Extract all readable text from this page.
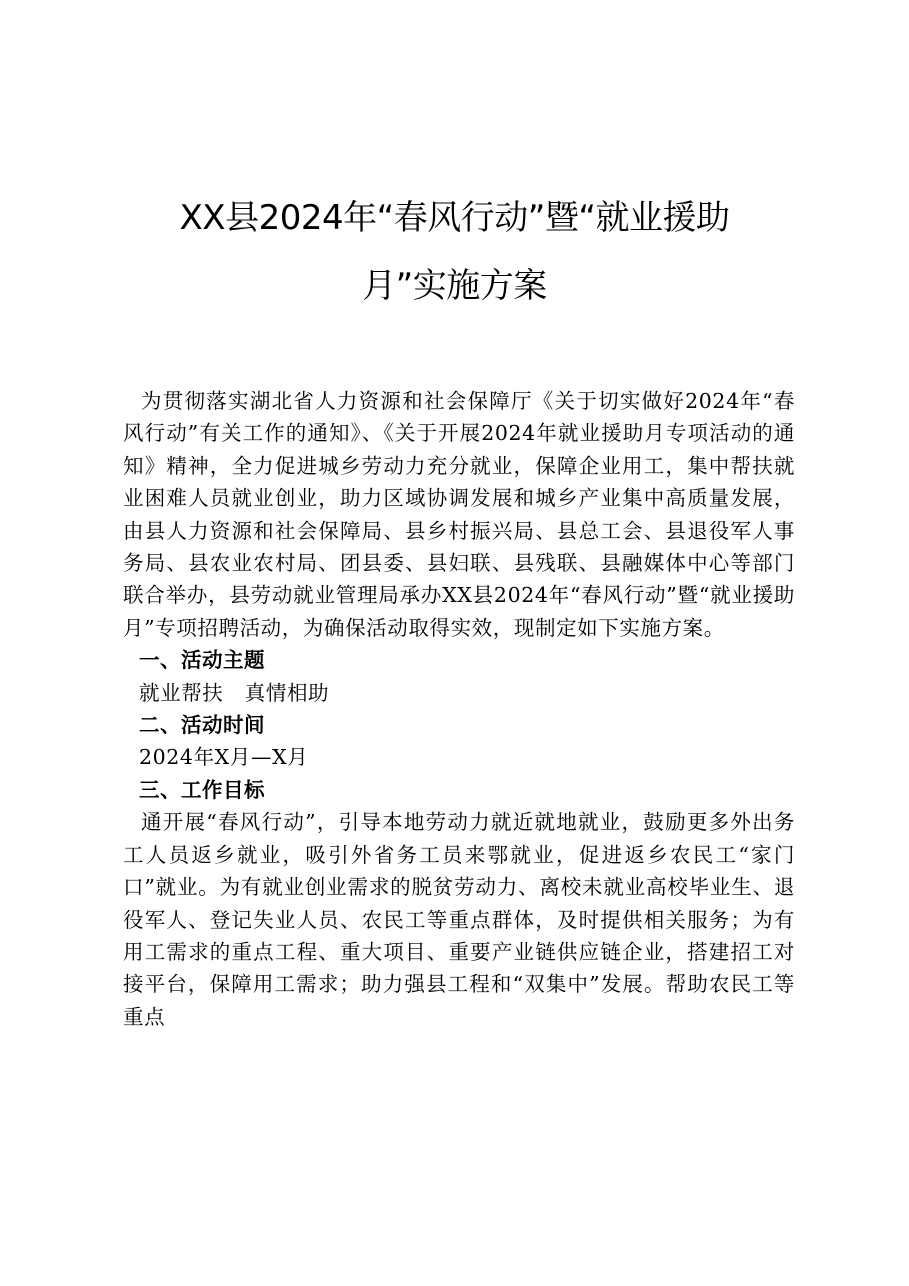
XX县2024年“春风行动”暨“就业援助
月”实施方案

为贯彻落实湖北省人力资源和社会保障厅《关于切实做好2024年“春风行动”有关工作的通知》、《关于开展2024年就业援助月专项活动的通知》精神，全力促进城乡劳动力充分就业，保障企业用工，集中帮扶就业困难人员就业创业，助力区域协调发展和城乡产业集中高质量发展，由县人力资源和社会保障局、县乡村振兴局、县总工会、县退役军人事务局、县农业农村局、团县委、县妇联、县残联、县融媒体中心等部门联合举办，县劳动就业管理局承办XX县2024年“春风行动”暨“就业援助月”专项招聘活动，为确保活动取得实效，现制定如下实施方案。

一、活动主题

就业帮扶   真情相助

二、活动时间

2024年X月—X月

三、工作目标

通开展“春风行动”，引导本地劳动力就近就地就业，鼓励更多外出务工人员返乡就业，吸引外省务工员来鄂就业，促进返乡农民工“家门口”就业。为有就业创业需求的脱贫劳动力、离校未就业高校毕业生、退役军人、登记失业人员、农民工等重点群体，及时提供相关服务；为有用工需求的重点工程、重大项目、重要产业链供应链企业，搭建招工对接平台，保障用工需求；助力强县工程和“双集中”发展。帮助农民工等重点
